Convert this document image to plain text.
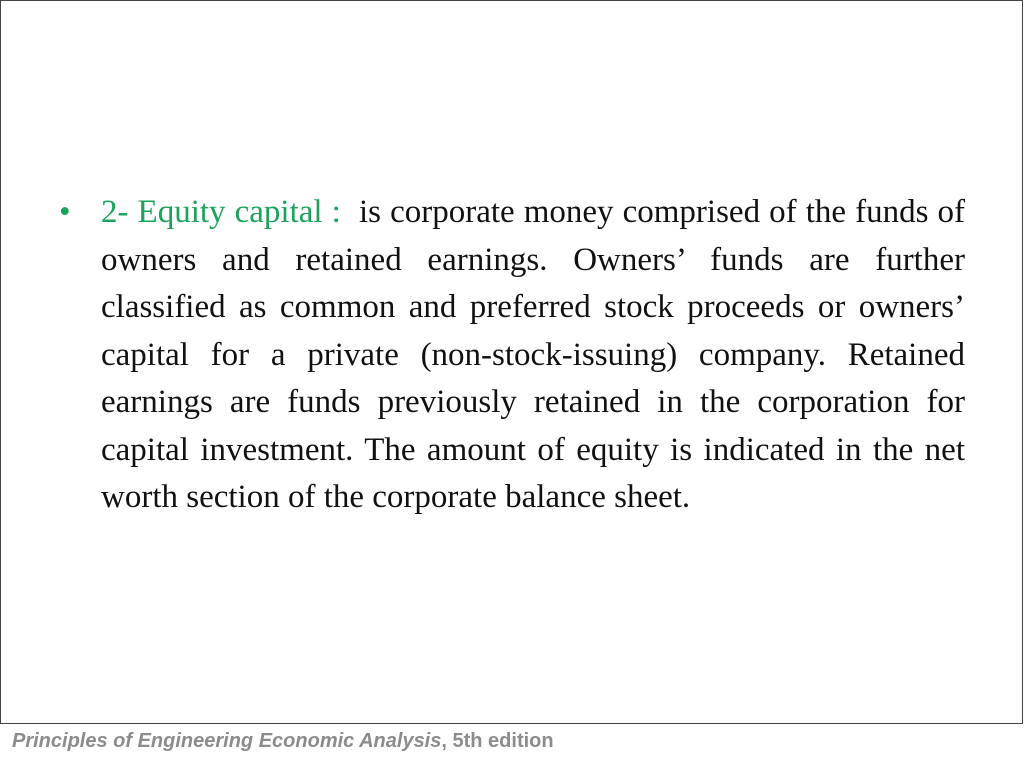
• 2- Equity capital : is corporate money comprised of the funds of owners and retained earnings. Owners’ funds are further classified as common and preferred stock proceeds or owners’ capital for a private (non-stock-issuing) company. Retained earnings are funds previously retained in the corporation for capital investment. The amount of equity is indicated in the net worth section of the corporate balance sheet.

Principles of Engineering Economic Analysis, 5th edition
